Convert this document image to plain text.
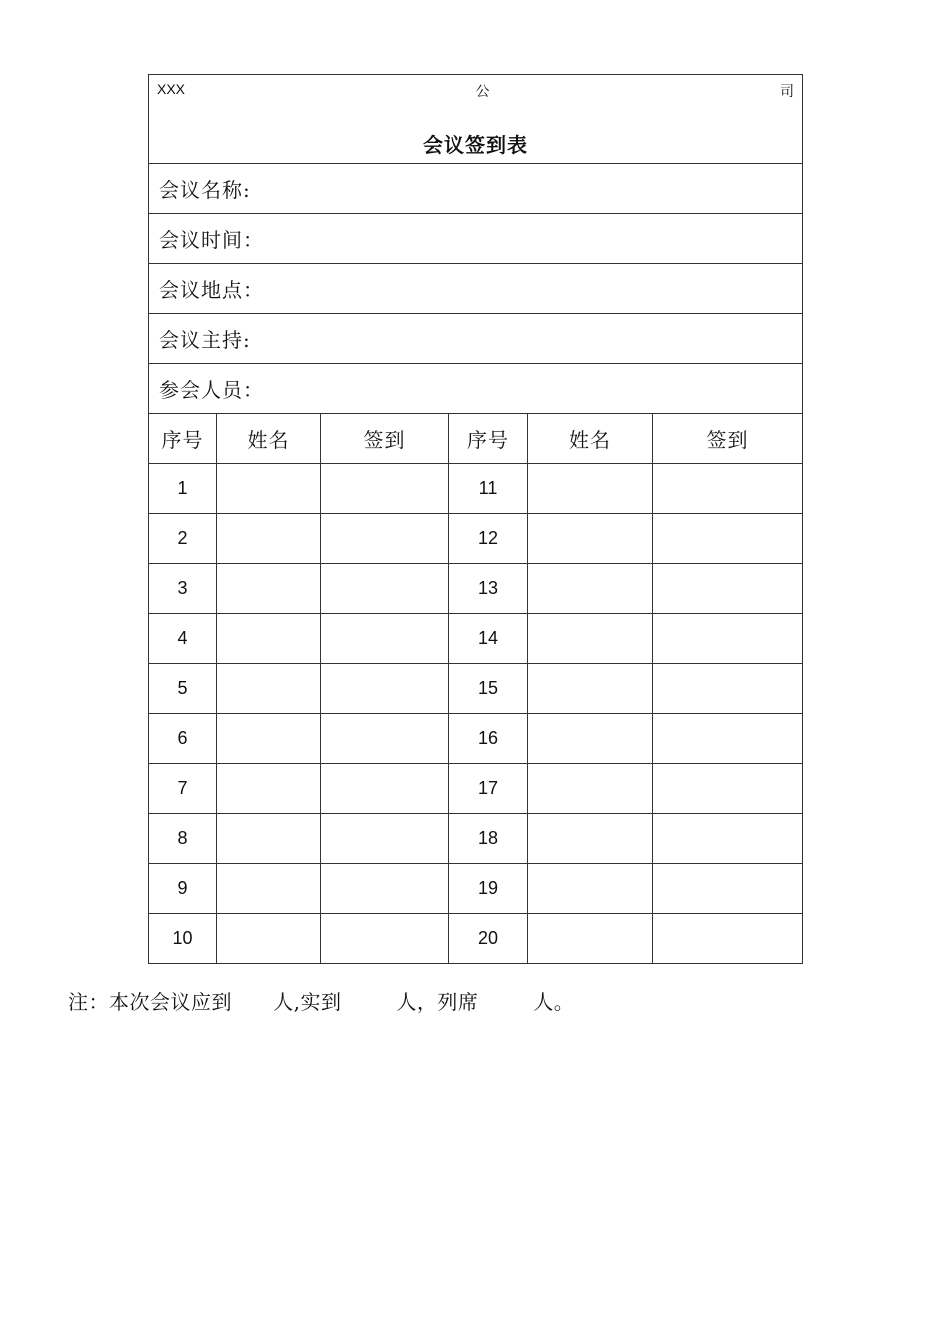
XXX 公 司
会议签到表					

会议名称:					
会议时间：					
会议地点：					
会议主持:					
参会人员：					
序号	姓名	签到	序号	姓名	签到
1			11		
2			12		
3			13		
4			14		
5			15		
6			16		
7			17		
8			18		
9			19		
10			20		
注：本次会议应到      人,实到        人，列席        人。
